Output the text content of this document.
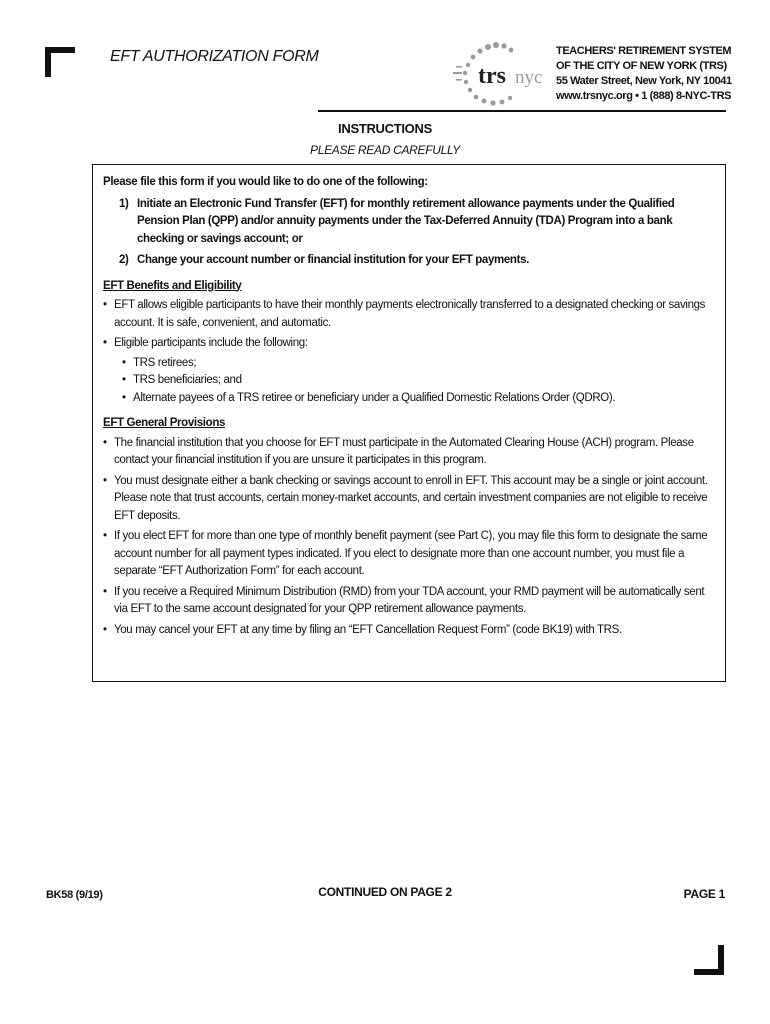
EFT AUTHORIZATION FORM
trs nyc
TEACHERS' RETIREMENT SYSTEM
OF THE CITY OF NEW YORK (TRS)
55 Water Street, New York, NY 10041
www.trsnyc.org • 1 (888) 8-NYC-TRS
INSTRUCTIONS
PLEASE READ CAREFULLY

Please file this form if you would like to do one of the following:

1) Initiate an Electronic Fund Transfer (EFT) for monthly retirement allowance payments under the Qualified Pension Plan (QPP) and/or annuity payments under the Tax-Deferred Annuity (TDA) Program into a bank checking or savings account; or
2) Change your account number or financial institution for your EFT payments.
EFT Benefits and Eligibility
• EFT allows eligible participants to have their monthly payments electronically transferred to a designated checking or savings account. It is safe, convenient, and automatic.
• Eligible participants include the following:
• TRS retirees;
• TRS beneficiaries; and
• Alternate payees of a TRS retiree or beneficiary under a Qualified Domestic Relations Order (QDRO).
EFT General Provisions
• The financial institution that you choose for EFT must participate in the Automated Clearing House (ACH) program. Please contact your financial institution if you are unsure it participates in this program.
• You must designate either a bank checking or savings account to enroll in EFT. This account may be a single or joint account. Please note that trust accounts, certain money-market accounts, and certain investment companies are not eligible to receive EFT deposits.
• If you elect EFT for more than one type of monthly benefit payment (see Part C), you may file this form to designate the same account number for all payment types indicated. If you elect to designate more than one account number, you must file a separate “EFT Authorization Form” for each account.
• If you receive a Required Minimum Distribution (RMD) from your TDA account, your RMD payment will be automatically sent via EFT to the same account designated for your QPP retirement allowance payments.
• You may cancel your EFT at any time by filing an “EFT Cancellation Request Form” (code BK19) with TRS.
BK58 (9/19)	CONTINUED ON PAGE 2	PAGE 1
